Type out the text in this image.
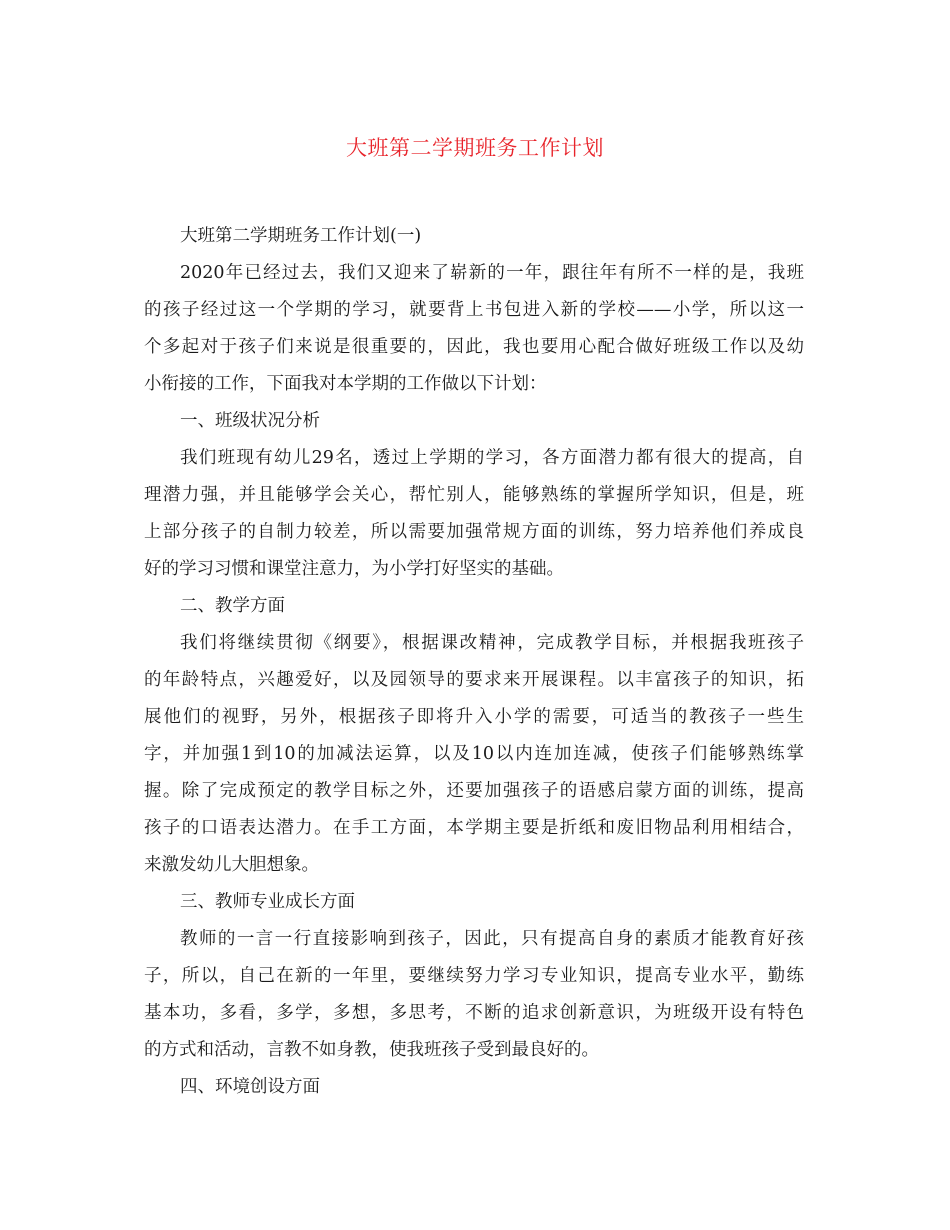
大班第二学期班务工作计划
大班第二学期班务工作计划(一)
2020年已经过去，我们又迎来了崭新的一年，跟往年有所不一样的是，我班
的孩子经过这一个学期的学习，就要背上书包进入新的学校——小学，所以这一
个多起对于孩子们来说是很重要的，因此，我也要用心配合做好班级工作以及幼
小衔接的工作，下面我对本学期的工作做以下计划：
一、班级状况分析
我们班现有幼儿29名，透过上学期的学习，各方面潜力都有很大的提高，自
理潜力强，并且能够学会关心，帮忙别人，能够熟练的掌握所学知识，但是，班
上部分孩子的自制力较差，所以需要加强常规方面的训练，努力培养他们养成良
好的学习习惯和课堂注意力，为小学打好坚实的基础。
二、教学方面
我们将继续贯彻《纲要》，根据课改精神，完成教学目标，并根据我班孩子
的年龄特点，兴趣爱好，以及园领导的要求来开展课程。以丰富孩子的知识，拓
展他们的视野，另外，根据孩子即将升入小学的需要，可适当的教孩子一些生
字，并加强1到10的加减法运算，以及10以内连加连减，使孩子们能够熟练掌
握。除了完成预定的教学目标之外，还要加强孩子的语感启蒙方面的训练，提高
孩子的口语表达潜力。在手工方面，本学期主要是折纸和废旧物品利用相结合，
来激发幼儿大胆想象。
三、教师专业成长方面
教师的一言一行直接影响到孩子，因此，只有提高自身的素质才能教育好孩
子，所以，自己在新的一年里，要继续努力学习专业知识，提高专业水平，勤练
基本功，多看，多学，多想，多思考，不断的追求创新意识，为班级开设有特色
的方式和活动，言教不如身教，使我班孩子受到最良好的。
四、环境创设方面
